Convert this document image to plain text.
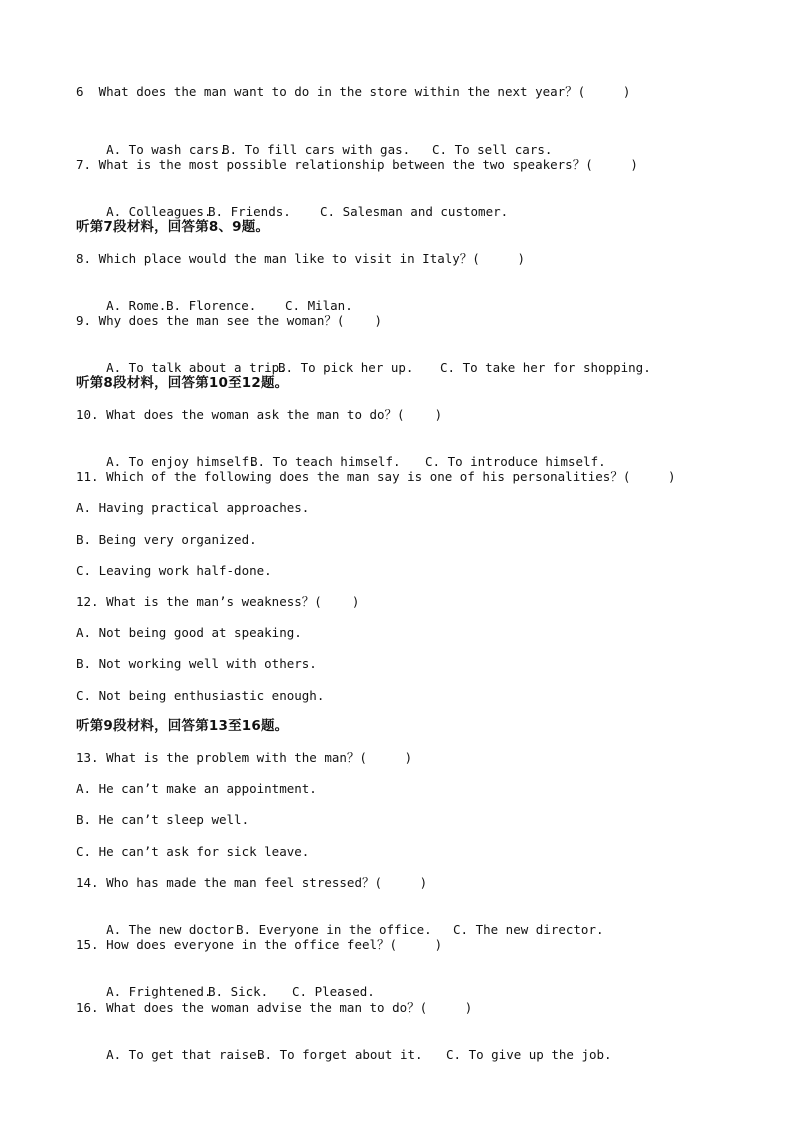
6  What does the man want to do in the store within the next year？(     )

A. To wash cars.
B. To fill cars with gas. C. To sell cars.

7. What is the most possible relationship between the two speakers？(     )

A. Colleagues.
B. Friends. C. Salesman and customer.

听第7段材料，回答第8、9题。
8. Which place would the man like to visit in Italy？(     )

A. Rome. B. Florence. C. Milan.

9. Why does the man see the woman？(    )

A. To talk about a trip.
B. To pick her up. C. To take her for shopping.

听第8段材料，回答第10至12题。
10. What does the woman ask the man to do？(    )

A. To enjoy himself.
B. To teach himself. C. To introduce himself.

11. Which of the following does the man say is one of his personalities？(     )
A. Having practical approaches.
B. Being very organized.
C. Leaving work half-done.
12. What is the man’s weakness？(    )
A. Not being good at speaking.
B. Not working well with others.
C. Not being enthusiastic enough.
听第9段材料，回答第13至16题。
13. What is the problem with the man？(     )
A. He can’t make an appointment.
B. He can’t sleep well.
C. He can’t ask for sick leave.
14. Who has made the man feel stressed？(     )

A. The new doctor.
B. Everyone in the office. C. The new director.

15. How does everyone in the office feel？(     )

A. Frightened.
B. Sick. C. Pleased.

16. What does the woman advise the man to do？(     )

A. To get that raise.
B. To forget about it. C. To give up the job.
